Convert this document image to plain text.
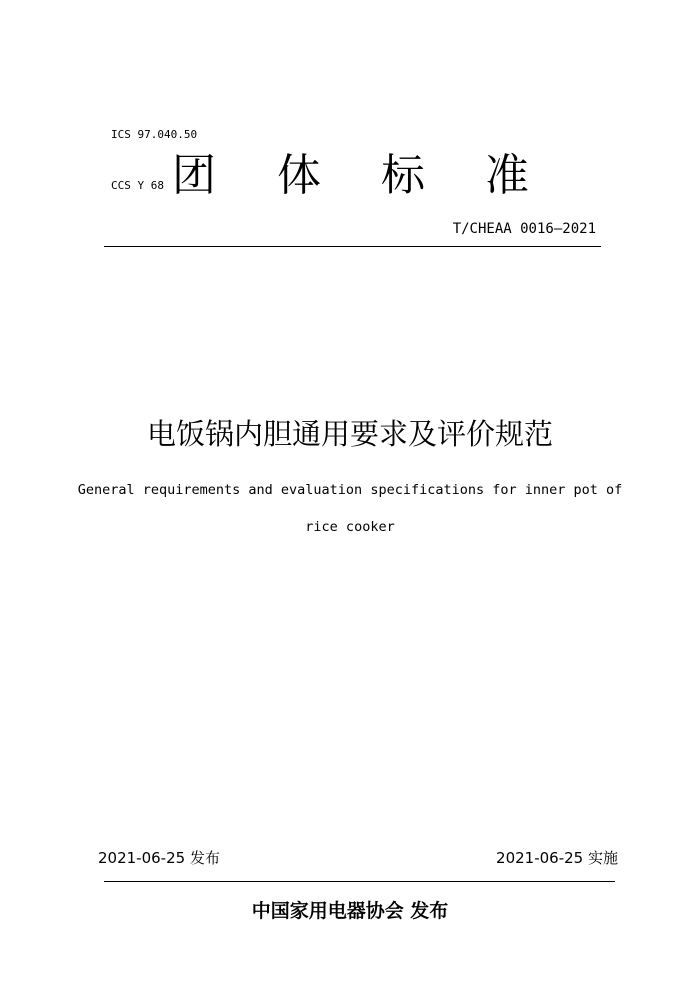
ICS 97.040.50

CCS Y 68 团 体 标 准
T/CHEAA 0016—2021
电饭锅内胆通用要求及评价规范
General requirements and evaluation specifications for inner pot of
rice cooker
2021-06-25 发布	2021-06-25 实施
中国家用电器协会 发布
